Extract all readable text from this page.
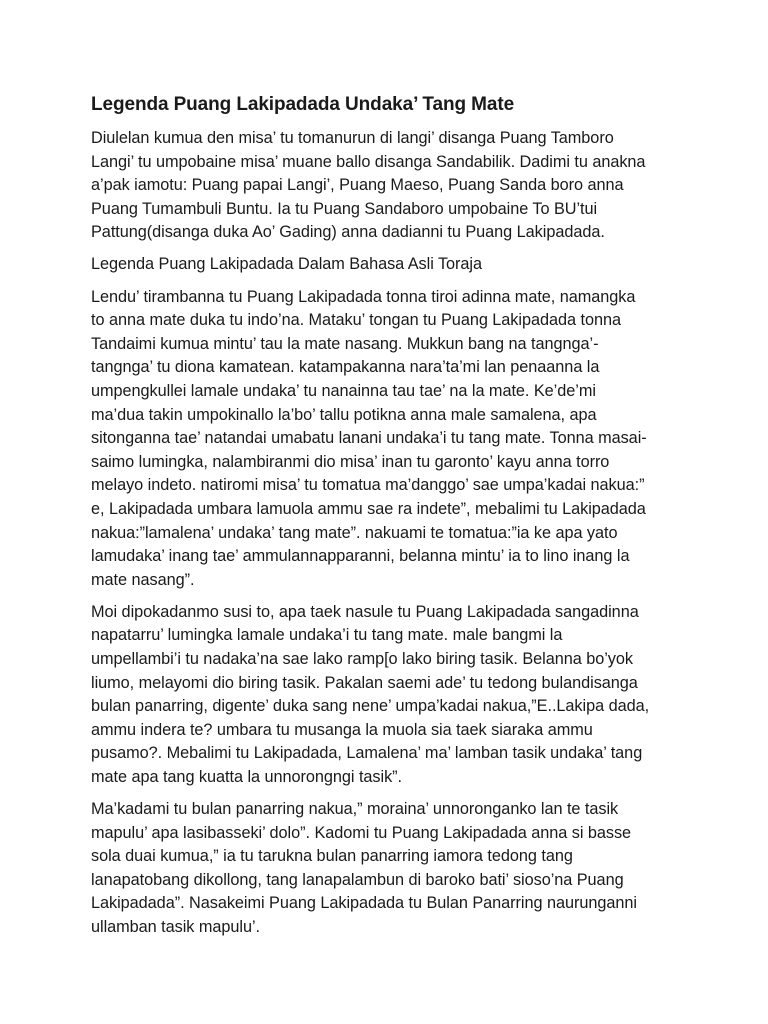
Legenda Puang Lakipadada Undaka’ Tang Mate

Diulelan kumua den misa’ tu tomanurun di langi’ disanga Puang Tamboro
Langi’ tu umpobaine misa’ muane ballo disanga Sandabilik. Dadimi tu anakna
a’pak iamotu: Puang papai Langi’, Puang Maeso, Puang Sanda boro anna
Puang Tumambuli Buntu. Ia tu Puang Sandaboro umpobaine To BU’tui
Pattung(disanga duka Ao’ Gading) anna dadianni tu Puang Lakipadada.

Legenda Puang Lakipadada Dalam Bahasa Asli Toraja

Lendu’ tirambanna tu Puang Lakipadada tonna tiroi adinna mate, namangka
to anna mate duka tu indo’na. Mataku’ tongan tu Puang Lakipadada tonna
Tandaimi kumua mintu’ tau la mate nasang. Mukkun bang na tangnga’-
tangnga’ tu diona kamatean. katampakanna nara’ta’mi lan penaanna la
umpengkullei lamale undaka’ tu nanainna tau tae’ na la mate. Ke’de’mi
ma’dua takin umpokinallo la’bo’ tallu potikna anna male samalena, apa
sitonganna tae’ natandai umabatu lanani undaka’i tu tang mate. Tonna masai-
saimo lumingka, nalambiranmi dio misa’ inan tu garonto’ kayu anna torro
melayo indeto. natiromi misa’ tu tomatua ma’danggo’ sae umpa’kadai nakua:”
e, Lakipadada umbara lamuola ammu sae ra indete”, mebalimi tu Lakipadada
nakua:”lamalena’ undaka’ tang mate”. nakuami te tomatua:”ia ke apa yato
lamudaka’ inang tae’ ammulannapparanni, belanna mintu’ ia to lino inang la
mate nasang”.

Moi dipokadanmo susi to, apa taek nasule tu Puang Lakipadada sangadinna
napatarru’ lumingka lamale undaka’i tu tang mate. male bangmi la
umpellambi’i tu nadaka’na sae lako ramp[o lako biring tasik. Belanna bo’yok
liumo, melayomi dio biring tasik. Pakalan saemi ade’ tu tedong bulandisanga
bulan panarring, digente’ duka sang nene’ umpa’kadai nakua,”E..Lakipa dada,
ammu indera te? umbara tu musanga la muola sia taek siaraka ammu
pusamo?. Mebalimi tu Lakipadada, Lamalena’ ma’ lamban tasik undaka’ tang
mate apa tang kuatta la unnorongngi tasik”.

Ma’kadami tu bulan panarring nakua,” moraina’ unnoronganko lan te tasik
mapulu’ apa lasibasseki’ dolo”. Kadomi tu Puang Lakipadada anna si basse
sola duai kumua,” ia tu tarukna bulan panarring iamora tedong tang
lanapatobang dikollong, tang lanapalambun di baroko bati’ sioso’na Puang
Lakipadada”. Nasakeimi Puang Lakipadada tu Bulan Panarring naurunganni
ullamban tasik mapulu’.
